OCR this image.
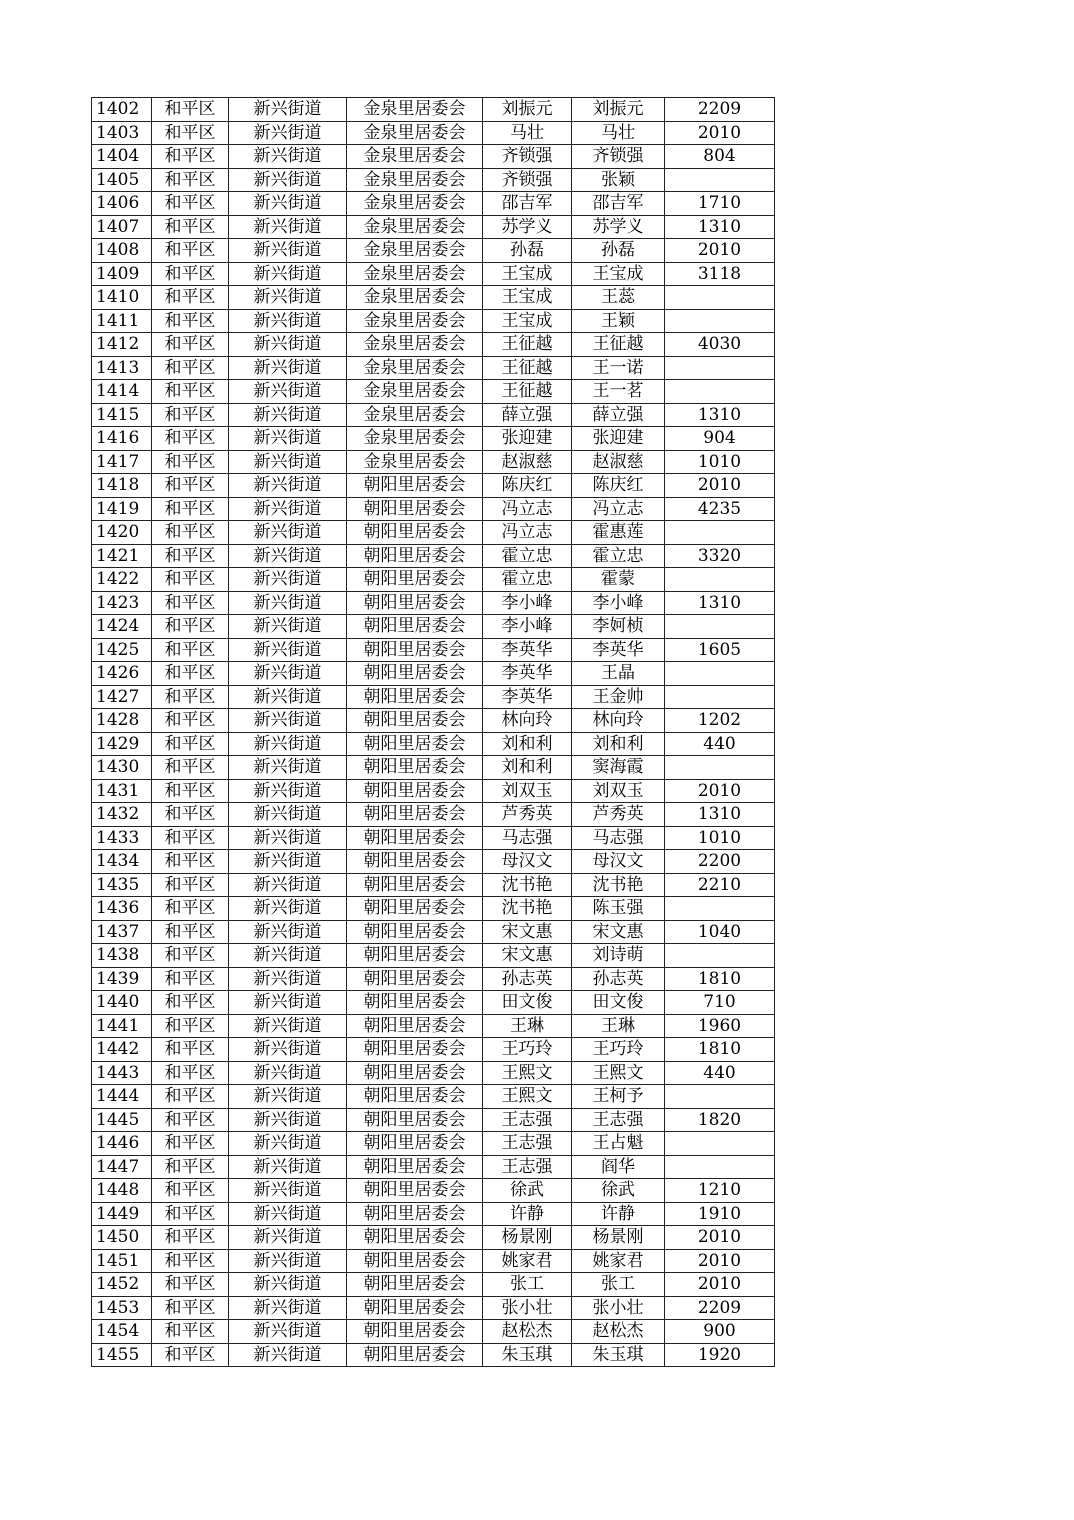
1402	和平区	新兴街道	金泉里居委会	刘振元	刘振元	2209
1403	和平区	新兴街道	金泉里居委会	马壮	马壮	2010
1404	和平区	新兴街道	金泉里居委会	齐锁强	齐锁强	804
1405	和平区	新兴街道	金泉里居委会	齐锁强	张颖	
1406	和平区	新兴街道	金泉里居委会	邵吉军	邵吉军	1710
1407	和平区	新兴街道	金泉里居委会	苏学义	苏学义	1310
1408	和平区	新兴街道	金泉里居委会	孙磊	孙磊	2010
1409	和平区	新兴街道	金泉里居委会	王宝成	王宝成	3118
1410	和平区	新兴街道	金泉里居委会	王宝成	王蕊	
1411	和平区	新兴街道	金泉里居委会	王宝成	王颖	
1412	和平区	新兴街道	金泉里居委会	王征越	王征越	4030
1413	和平区	新兴街道	金泉里居委会	王征越	王一诺	
1414	和平区	新兴街道	金泉里居委会	王征越	王一茗	
1415	和平区	新兴街道	金泉里居委会	薛立强	薛立强	1310
1416	和平区	新兴街道	金泉里居委会	张迎建	张迎建	904
1417	和平区	新兴街道	金泉里居委会	赵淑慈	赵淑慈	1010
1418	和平区	新兴街道	朝阳里居委会	陈庆红	陈庆红	2010
1419	和平区	新兴街道	朝阳里居委会	冯立志	冯立志	4235
1420	和平区	新兴街道	朝阳里居委会	冯立志	霍惠莲	
1421	和平区	新兴街道	朝阳里居委会	霍立忠	霍立忠	3320
1422	和平区	新兴街道	朝阳里居委会	霍立忠	霍蒙	
1423	和平区	新兴街道	朝阳里居委会	李小峰	李小峰	1310
1424	和平区	新兴街道	朝阳里居委会	李小峰	李妸桢	
1425	和平区	新兴街道	朝阳里居委会	李英华	李英华	1605
1426	和平区	新兴街道	朝阳里居委会	李英华	王晶	
1427	和平区	新兴街道	朝阳里居委会	李英华	王金帅	
1428	和平区	新兴街道	朝阳里居委会	林向玲	林向玲	1202
1429	和平区	新兴街道	朝阳里居委会	刘和利	刘和利	440
1430	和平区	新兴街道	朝阳里居委会	刘和利	窦海霞	
1431	和平区	新兴街道	朝阳里居委会	刘双玉	刘双玉	2010
1432	和平区	新兴街道	朝阳里居委会	芦秀英	芦秀英	1310
1433	和平区	新兴街道	朝阳里居委会	马志强	马志强	1010
1434	和平区	新兴街道	朝阳里居委会	母汉文	母汉文	2200
1435	和平区	新兴街道	朝阳里居委会	沈书艳	沈书艳	2210
1436	和平区	新兴街道	朝阳里居委会	沈书艳	陈玉强	
1437	和平区	新兴街道	朝阳里居委会	宋文惠	宋文惠	1040
1438	和平区	新兴街道	朝阳里居委会	宋文惠	刘诗萌	
1439	和平区	新兴街道	朝阳里居委会	孙志英	孙志英	1810
1440	和平区	新兴街道	朝阳里居委会	田文俊	田文俊	710
1441	和平区	新兴街道	朝阳里居委会	王琳	王琳	1960
1442	和平区	新兴街道	朝阳里居委会	王巧玲	王巧玲	1810
1443	和平区	新兴街道	朝阳里居委会	王熙文	王熙文	440
1444	和平区	新兴街道	朝阳里居委会	王熙文	王柯予	
1445	和平区	新兴街道	朝阳里居委会	王志强	王志强	1820
1446	和平区	新兴街道	朝阳里居委会	王志强	王占魁	
1447	和平区	新兴街道	朝阳里居委会	王志强	阎华	
1448	和平区	新兴街道	朝阳里居委会	徐武	徐武	1210
1449	和平区	新兴街道	朝阳里居委会	许静	许静	1910
1450	和平区	新兴街道	朝阳里居委会	杨景刚	杨景刚	2010
1451	和平区	新兴街道	朝阳里居委会	姚家君	姚家君	2010
1452	和平区	新兴街道	朝阳里居委会	张工	张工	2010
1453	和平区	新兴街道	朝阳里居委会	张小壮	张小壮	2209
1454	和平区	新兴街道	朝阳里居委会	赵松杰	赵松杰	900
1455	和平区	新兴街道	朝阳里居委会	朱玉琪	朱玉琪	1920
